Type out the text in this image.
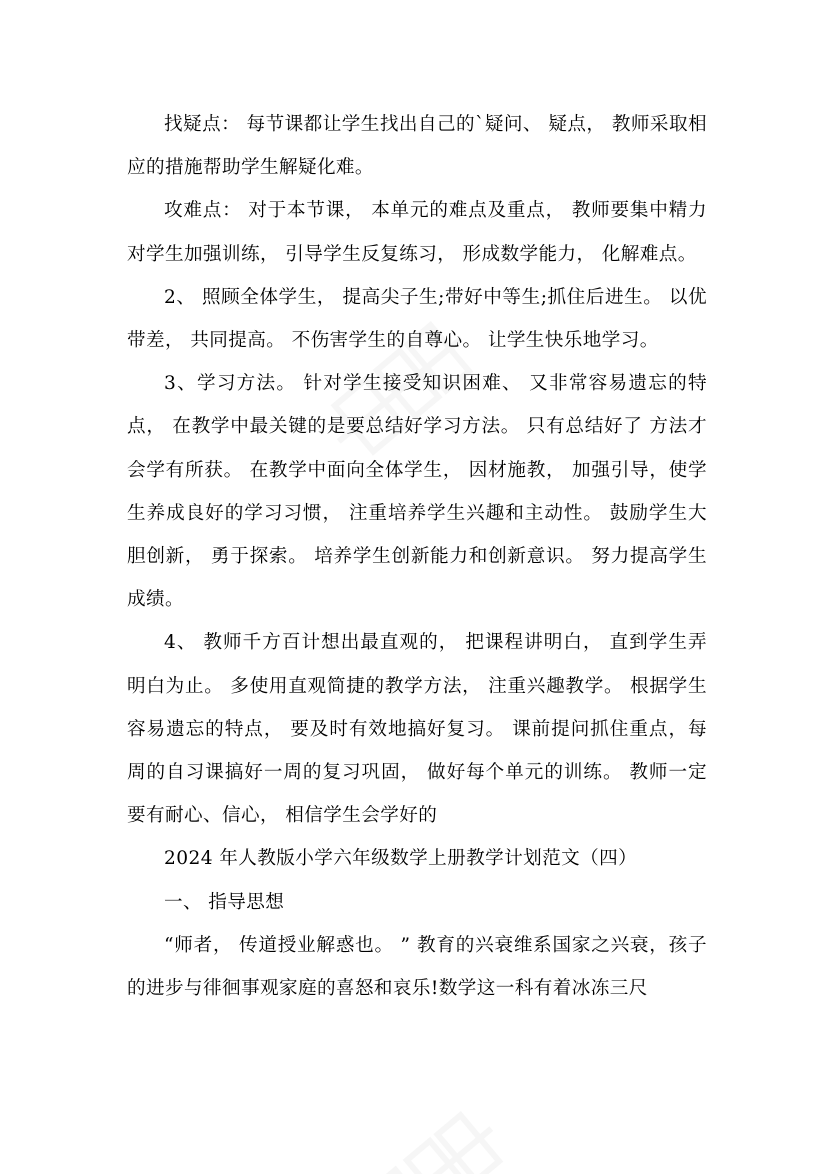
找疑点： 每节课都让学生找出自己的`疑问、 疑点， 教师采取相应的措施帮助学生解疑化难。

攻难点： 对于本节课， 本单元的难点及重点， 教师要集中精力对学生加强训练， 引导学生反复练习， 形成数学能力， 化解难点。

2、 照顾全体学生， 提高尖子生;带好中等生;抓住后进生。 以优带差， 共同提高。 不伤害学生的自尊心。 让学生快乐地学习。

3、学习方法。 针对学生接受知识困难、 又非常容易遗忘的特点， 在教学中最关键的是要总结好学习方法。 只有总结好了 方法才会学有所获。 在教学中面向全体学生， 因材施教， 加强引导，使学生养成良好的学习习惯， 注重培养学生兴趣和主动性。 鼓励学生大胆创新， 勇于探索。 培养学生创新能力和创新意识。 努力提高学生成绩。

4、 教师千方百计想出最直观的， 把课程讲明白， 直到学生弄明白为止。 多使用直观简捷的教学方法， 注重兴趣教学。 根据学生容易遗忘的特点， 要及时有效地搞好复习。 课前提问抓住重点，每周的自习课搞好一周的复习巩固， 做好每个单元的训练。 教师一定要有耐心、信心， 相信学生会学好的

2024 年人教版小学六年级数学上册教学计划范文（四）

一、 指导思想

“师者， 传道授业解惑也。 ” 教育的兴衰维系国家之兴衰，孩子的进步与徘徊事观家庭的喜怒和哀乐!数学这一科有着冰冻三尺
